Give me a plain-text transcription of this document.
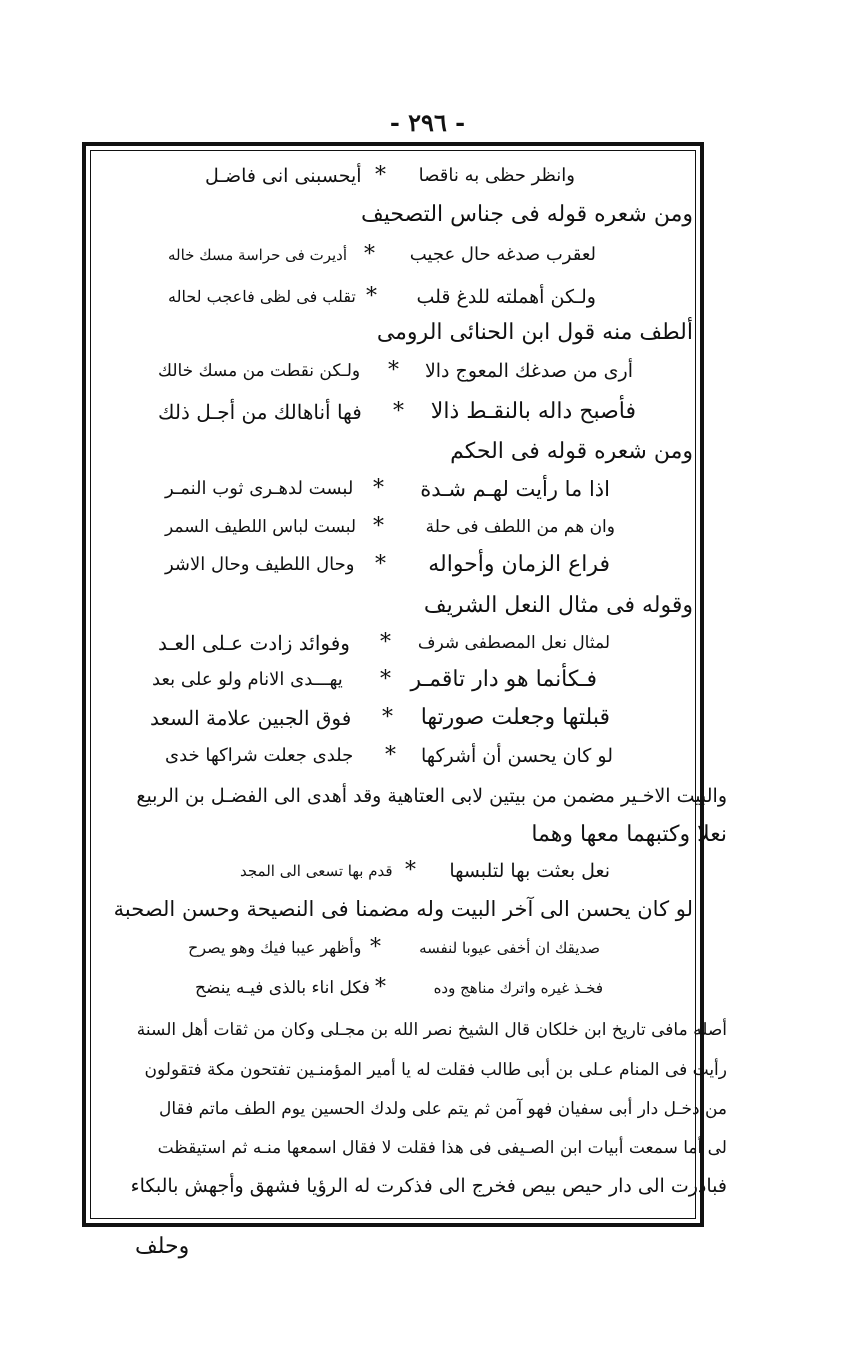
- ٢٩٦ -
وانظر حظى به ناقصا
*
أيحسبنى انى فاضـل
ومن شعره قوله فى جناس التصحيف
لعقرب صدغه حال عجيب
*
أديرت فى حراسة مسك خاله
ولـكن أهملته للدغ قلب
*
تقلب فى لظى فاعجب لحاله
ألطف منه قول ابن الحنائى الرومى
أرى من صدغك المعوج دالا
*
ولـكن نقطت من مسك خالك
فأصبح داله بالنقـط ذالا
*
فها أناهالك من أجـل ذلك
ومن شعره قوله فى الحكم
اذا ما رأيت لهـم شـدة
*
لبست لدهـرى ثوب النمـر
وان هم من اللطف فى حلة
*
لبست لباس اللطيف السمر
فراع الزمان وأحواله
*
وحال اللطيف وحال الاشر
وقوله فى مثال النعل الشريف
لمثال نعل المصطفى شرف
*
وفوائد زادت عـلى العـد
فـكأنما هو دار تاقمـر
*
يهـــدى الانام ولو على بعد
قبلتها وجعلت صورتها
*
فوق الجبين علامة السعد
لو كان يحسن أن أشركها
*
جلدى جعلت شراكها خدى
والبيت الاخـير مضمن من بيتين لابى العتاهية وقد أهدى الى الفضـل بن الربيع
نعلا وكتبهما معها وهما
نعل بعثت بها لتلبسها
*
قدم بها تسعى الى المجد
لو كان يحسن الى آخر البيت وله مضمنا فى النصيحة وحسن الصحبة
صديقك ان أخفى عيوبا لنفسه
*
وأظهر عيبا فيك وهو يصرح
فخـذ غيره واترك مناهج وده
*
فكل اناء بالذى فيـه ينضح
أصله مافى تاريخ ابن خلكان قال الشيخ نصر الله بن مجـلى وكان من ثقات أهل السنة
رأيت فى المنام عـلى بن أبى طالب فقلت له يا أمير المؤمنـين تفتحون مكة فتقولون
من دخـل دار أبى سفيان فهو آمن ثم يتم على ولدك الحسين يوم الطف ماتم فقال
لى أما سمعت أبيات ابن الصـيفى فى هذا فقلت لا فقال اسمعها منـه ثم استيقظت
فبادرت الى دار حيص بيص فخرج الى فذكرت له الرؤيا فشهق وأجهش بالبكاء
وحلف
